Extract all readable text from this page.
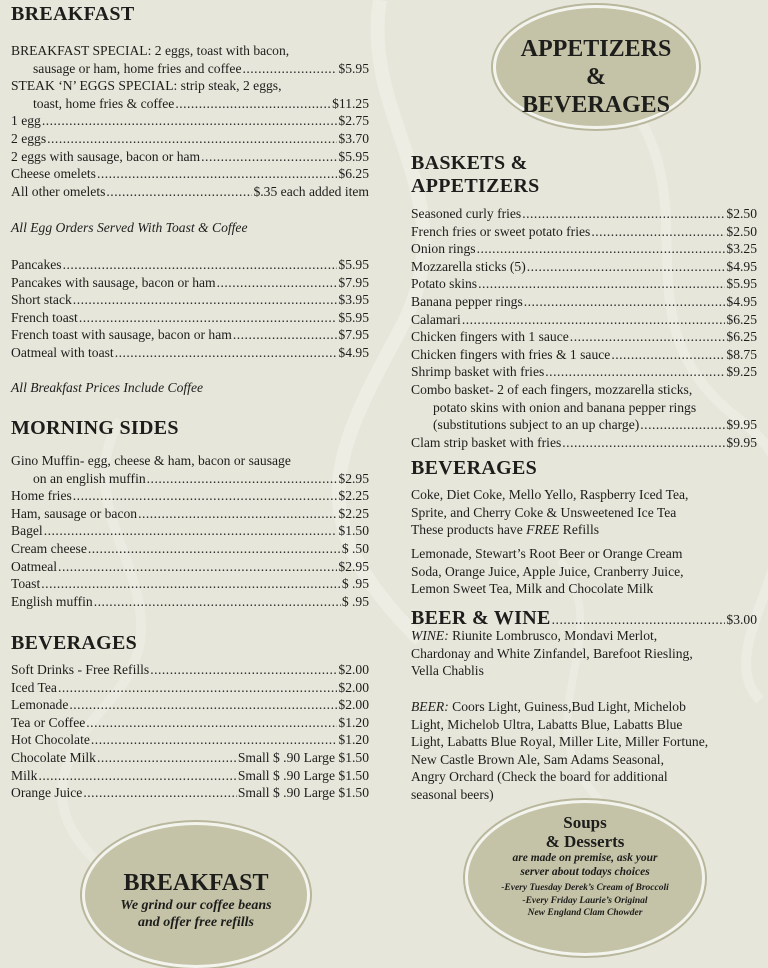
BREAKFAST
BREAKFAST SPECIAL: 2 eggs, toast with bacon,
sausage or ham, home fries and coffee .....	$5.95
STEAK ‘N’ EGGS SPECIAL: strip steak, 2 eggs,
toast, home fries & coffee .....	$11.25
1 egg .....	$2.75
2 eggs .....	$3.70
2 eggs with sausage, bacon or ham .....	$5.95
Cheese omelets .....	$6.25
All other omelets .....	$.35 each added item
All Egg Orders Served With Toast & Coffee
Pancakes .....	$5.95
Pancakes with sausage, bacon or ham .....	$7.95
Short stack .....	$3.95
French toast .....	$5.95
French toast with sausage, bacon or ham .....	$7.95
Oatmeal with toast .....	$4.95
All Breakfast Prices Include Coffee
MORNING SIDES
Gino Muffin- egg, cheese & ham, bacon or sausage
on an english muffin .....	$2.95
Home fries .....	$2.25
Ham, sausage or bacon .....	$2.25
Bagel .....	$1.50
Cream cheese .....	$ .50
Oatmeal .....	$2.95
Toast .....	$ .95
English muffin .....	$ .95
BEVERAGES
Soft Drinks - Free Refills .....	$2.00
Iced Tea .....	$2.00
Lemonade .....	$2.00
Tea or Coffee .....	$1.20
Hot Chocolate .....	$1.20
Chocolate Milk .....	Small $ .90 Large $1.50
Milk .....	Small $ .90 Large $1.50
Orange Juice .....	Small $ .90 Large $1.50
BREAKFAST
We grind our coffee beans
and offer free refills
APPETIZERS
&
BEVERAGES
BASKETS &
APPETIZERS
Seasoned curly fries .....	$2.50
French fries or sweet potato fries .....	$2.50
Onion rings .....	$3.25
Mozzarella sticks (5) .....	$4.95
Potato skins .....	$5.95
Banana pepper rings .....	$4.95
Calamari .....	$6.25
Chicken fingers with 1 sauce .....	$6.25
Chicken fingers with fries & 1 sauce .....	$8.75
Shrimp basket with fries .....	$9.25
Combo basket- 2 of each fingers, mozzarella sticks,
potato skins with onion and banana pepper rings
(substitutions subject to an up charge) .....	$9.95
Clam strip basket with fries .....	$9.95
BEVERAGES
Coke, Diet Coke, Mello Yello, Raspberry Iced Tea,
Sprite, and Cherry Coke & Unsweetened Ice Tea
These products have FREE Refills
Lemonade, Stewart’s Root Beer or Orange Cream
Soda, Orange Juice, Apple Juice, Cranberry Juice,
Lemon Sweet Tea, Milk and Chocolate Milk
BEER & WINE .....	$3.00
WINE: Riunite Lombrusco, Mondavi Merlot,
Chardonay and White Zinfandel, Barefoot Riesling,
Vella Chablis
BEER: Coors Light, Guiness,Bud Light, Michelob
Light, Michelob Ultra, Labatts Blue, Labatts Blue
Light, Labatts Blue Royal, Miller Lite, Miller Fortune,
New Castle Brown Ale, Sam Adams Seasonal,
Angry Orchard (Check the board for additional
seasonal beers)
Soups
& Desserts
are made on premise, ask your
server about todays choices
-Every Tuesday Derek’s Cream of Broccoli
-Every Friday Laurie’s Original
New England Clam Chowder
